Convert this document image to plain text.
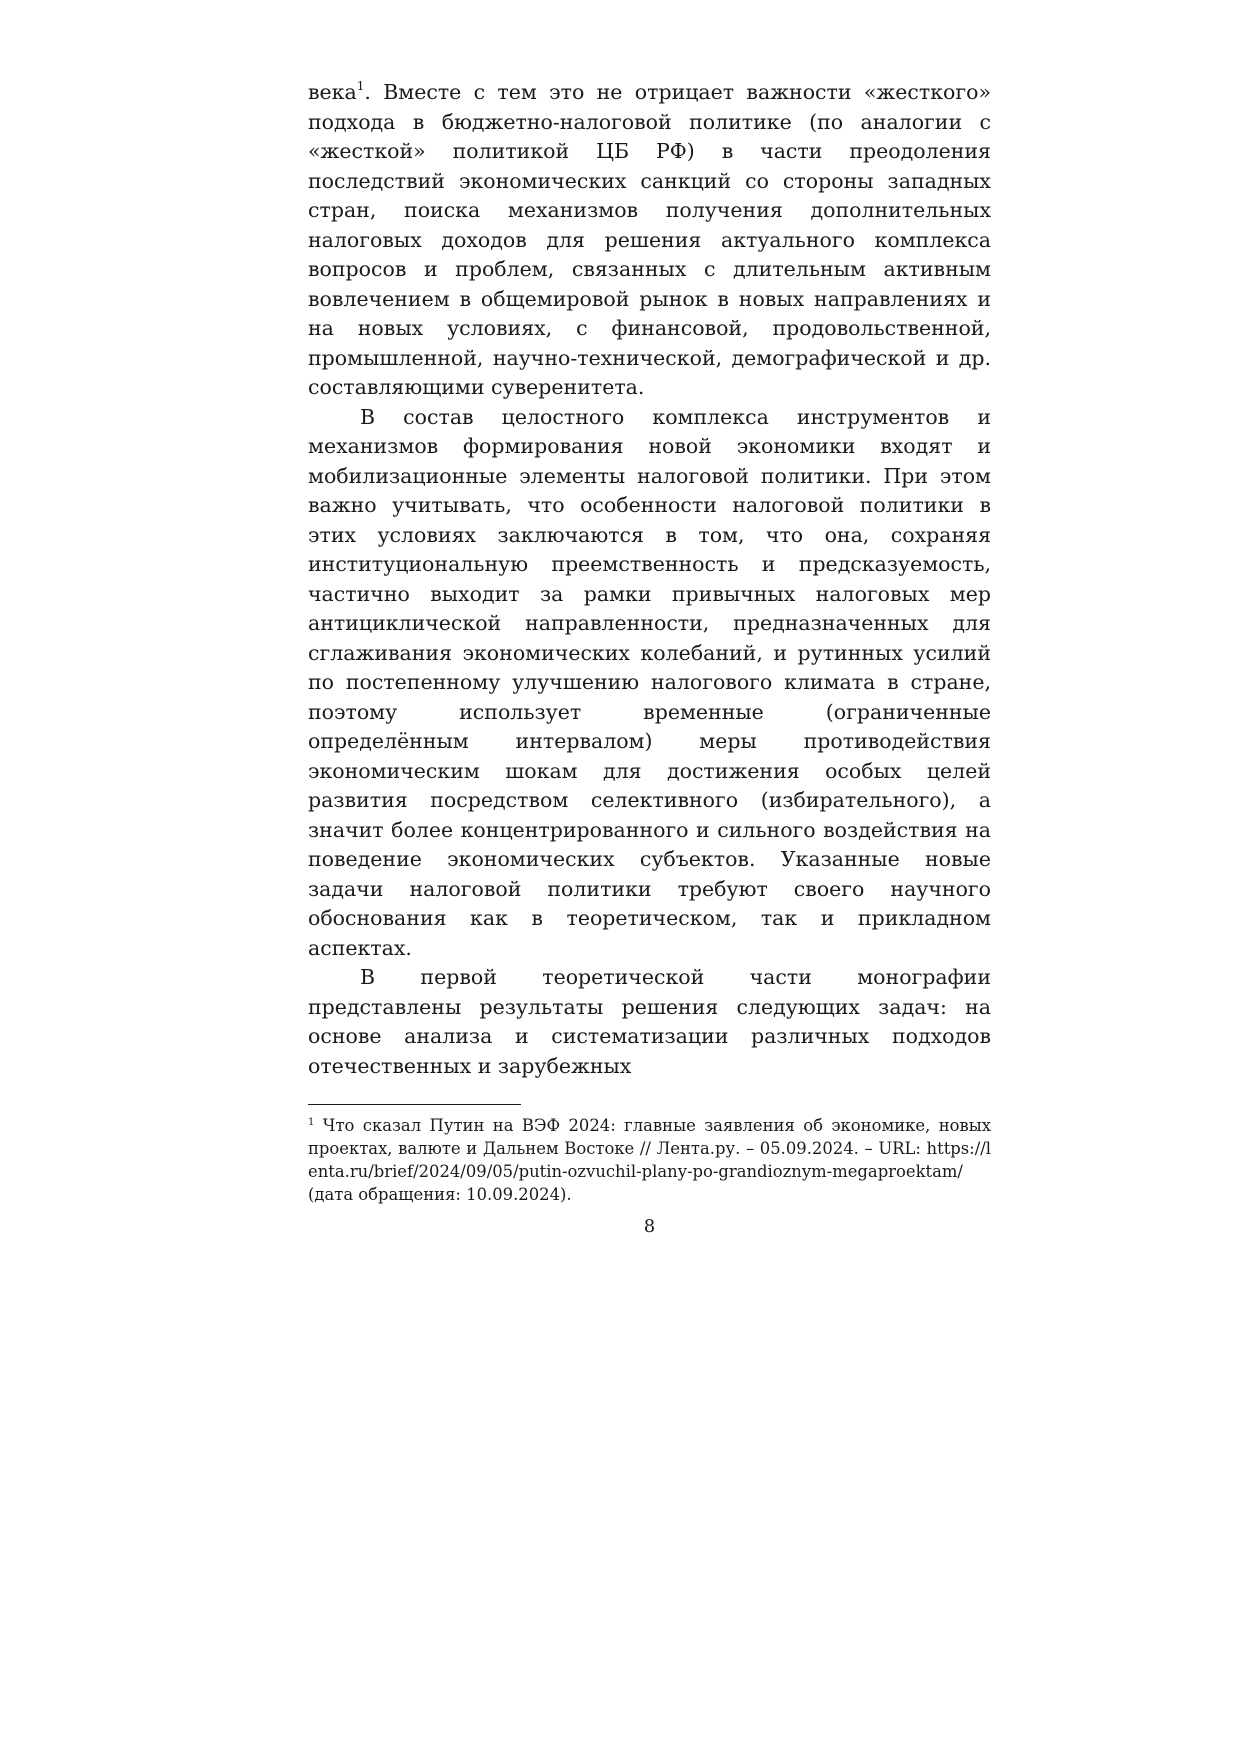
века$^1$. Вместе с тем это не отрицает важности «жесткого» подхода в бюджетно-налоговой политике (по аналогии с «жесткой» политикой ЦБ РФ) в части преодоления последствий экономических санкций со стороны западных стран, поиска механизмов получения дополнительных налоговых доходов для решения актуального комплекса вопросов и проблем, связанных с длительным активным вовлечением в общемировой рынок в новых направлениях и на новых условиях, с финансовой, продовольственной, промышленной, научно-технической, демографической и др. составляющими суверенитета.

В состав целостного комплекса инструментов и механизмов формирования новой экономики входят и мобилизационные элементы налоговой политики. При этом важно учитывать, что особенности налоговой политики в этих условиях заключаются в том, что она, сохраняя институциональную преемственность и предсказуемость, частично выходит за рамки привычных налоговых мер антициклической направленности, предназначенных для сглаживания экономических колебаний, и рутинных усилий по постепенному улучшению налогового климата в стране, поэтому использует временные (ограниченные определённым интервалом) меры противодействия экономическим шокам для достижения особых целей развития посредством селективного (избирательного), а значит более концентрированного и сильного воздействия на поведение экономических субъектов. Указанные новые задачи налоговой политики требуют своего научного обоснования как в теоретическом, так и прикладном аспектах.

В первой теоретической части монографии представлены результаты решения следующих задач: на основе анализа и систематизации различных подходов отечественных и зарубежных

$^1$ Что сказал Путин на ВЭФ 2024: главные заявления об экономике, новых проектах, валюте и Дальнем Востоке // Лента.ру. – 05.09.2024. – URL: https://lenta.ru/brief/2024/09/05/putin-ozvuchil-plany-po-grandioznym-megaproektam/ (дата обращения: 10.09.2024).

8
